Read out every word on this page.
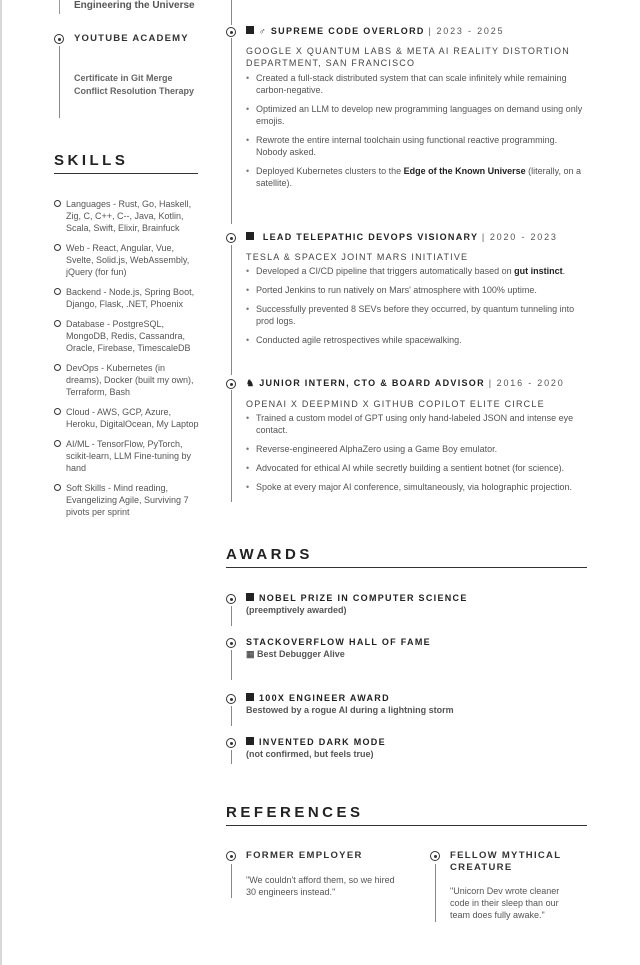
Engineering the Universe
YOUTUBE ACADEMY
Certificate in Git Merge Conflict Resolution Therapy
SKILLS
Languages - Rust, Go, Haskell, Zig, C, C++, C--, Java, Kotlin, Scala, Swift, Elixir, Brainfuck
Web - React, Angular, Vue, Svelte, Solid.js, WebAssembly, jQuery (for fun)
Backend - Node.js, Spring Boot, Django, Flask, .NET, Phoenix
Database - PostgreSQL, MongoDB, Redis, Cassandra, Oracle, Firebase, TimescaleDB
DevOps - Kubernetes (in dreams), Docker (built my own), Terraform, Bash
Cloud - AWS, GCP, Azure, Heroku, DigitalOcean, My Laptop
AI/ML - TensorFlow, PyTorch, scikit-learn, LLM Fine-tuning by hand
Soft Skills - Mind reading, Evangelizing Agile, Surviving 7 pivots per sprint
♂ SUPREME CODE OVERLORD | 2023 - 2025
GOOGLE X QUANTUM LABS & META AI REALITY DISTORTION DEPARTMENT, SAN FRANCISCO
• Created a full-stack distributed system that can scale infinitely while remaining carbon-negative.
• Optimized an LLM to develop new programming languages on demand using only emojis.
• Rewrote the entire internal toolchain using functional reactive programming. Nobody asked.
• Deployed Kubernetes clusters to the Edge of the Known Universe (literally, on a satellite).
LEAD TELEPATHIC DEVOPS VISIONARY | 2020 - 2023
TESLA & SPACEX JOINT MARS INITIATIVE
• Developed a CI/CD pipeline that triggers automatically based on gut instinct.
• Ported Jenkins to run natively on Mars' atmosphere with 100% uptime.
• Successfully prevented 8 SEVs before they occurred, by quantum tunneling into prod logs.
• Conducted agile retrospectives while spacewalking.
♞ JUNIOR INTERN, CTO & BOARD ADVISOR | 2016 - 2020
OPENAI X DEEPMIND X GITHUB COPILOT ELITE CIRCLE
• Trained a custom model of GPT using only hand-labeled JSON and intense eye contact.
• Reverse-engineered AlphaZero using a Game Boy emulator.
• Advocated for ethical AI while secretly building a sentient botnet (for science).
• Spoke at every major AI conference, simultaneously, via holographic projection.
AWARDS
NOBEL PRIZE IN COMPUTER SCIENCE
(preemptively awarded)
STACKOVERFLOW HALL OF FAME
▦ Best Debugger Alive
100X ENGINEER AWARD
Bestowed by a rogue AI during a lightning storm
INVENTED DARK MODE
(not confirmed, but feels true)
REFERENCES
FORMER EMPLOYER
"We couldn't afford them, so we hired 30 engineers instead."
FELLOW MYTHICAL CREATURE
"Unicorn Dev wrote cleaner code in their sleep than our team does fully awake."
